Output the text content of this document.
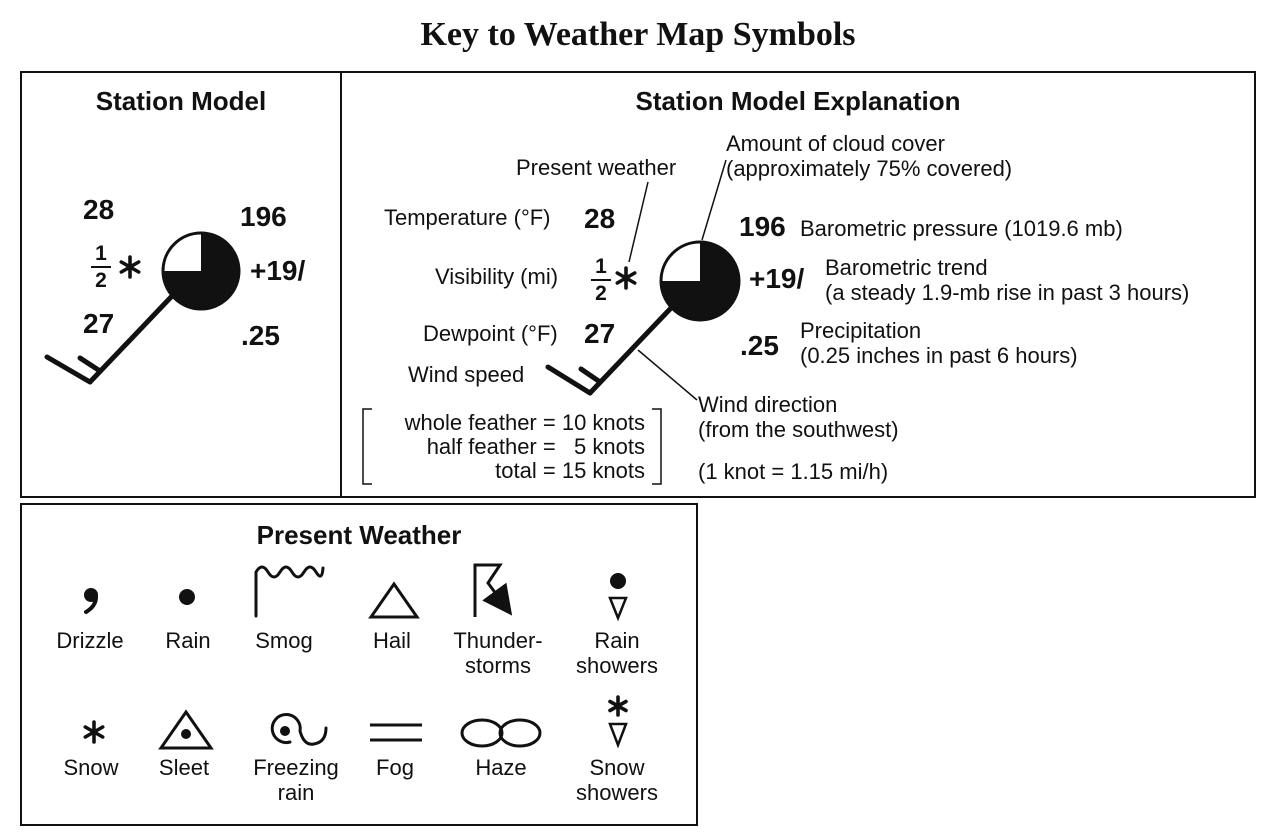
Key to Weather Map Symbols
Station Model
28
1
2
196
+19/
27	.25
Station Model Explanation
Amount of cloud cover
(approximately 75% covered)
Present weather
Temperature (°F) 28
Visibility (mi) 1
2
Dewpoint (°F) 27
Wind speed
196 Barometric pressure (1019.6 mb)
+19/ Barometric trend
(a steady 1.9-mb rise in past 3 hours)
.25 Precipitation
(0.25 inches in past 6 hours)
Wind direction
(from the southwest)
(1 knot = 1.15 mi/h)
whole feather = 10 knots
half feather =   5 knots
total = 15 knots
Present Weather
Drizzle	Rain	Smog	Hail	Thunder-storms
Rain showers
Snow	Sleet	Freezing rain
Fog	Haze	Snow showers
